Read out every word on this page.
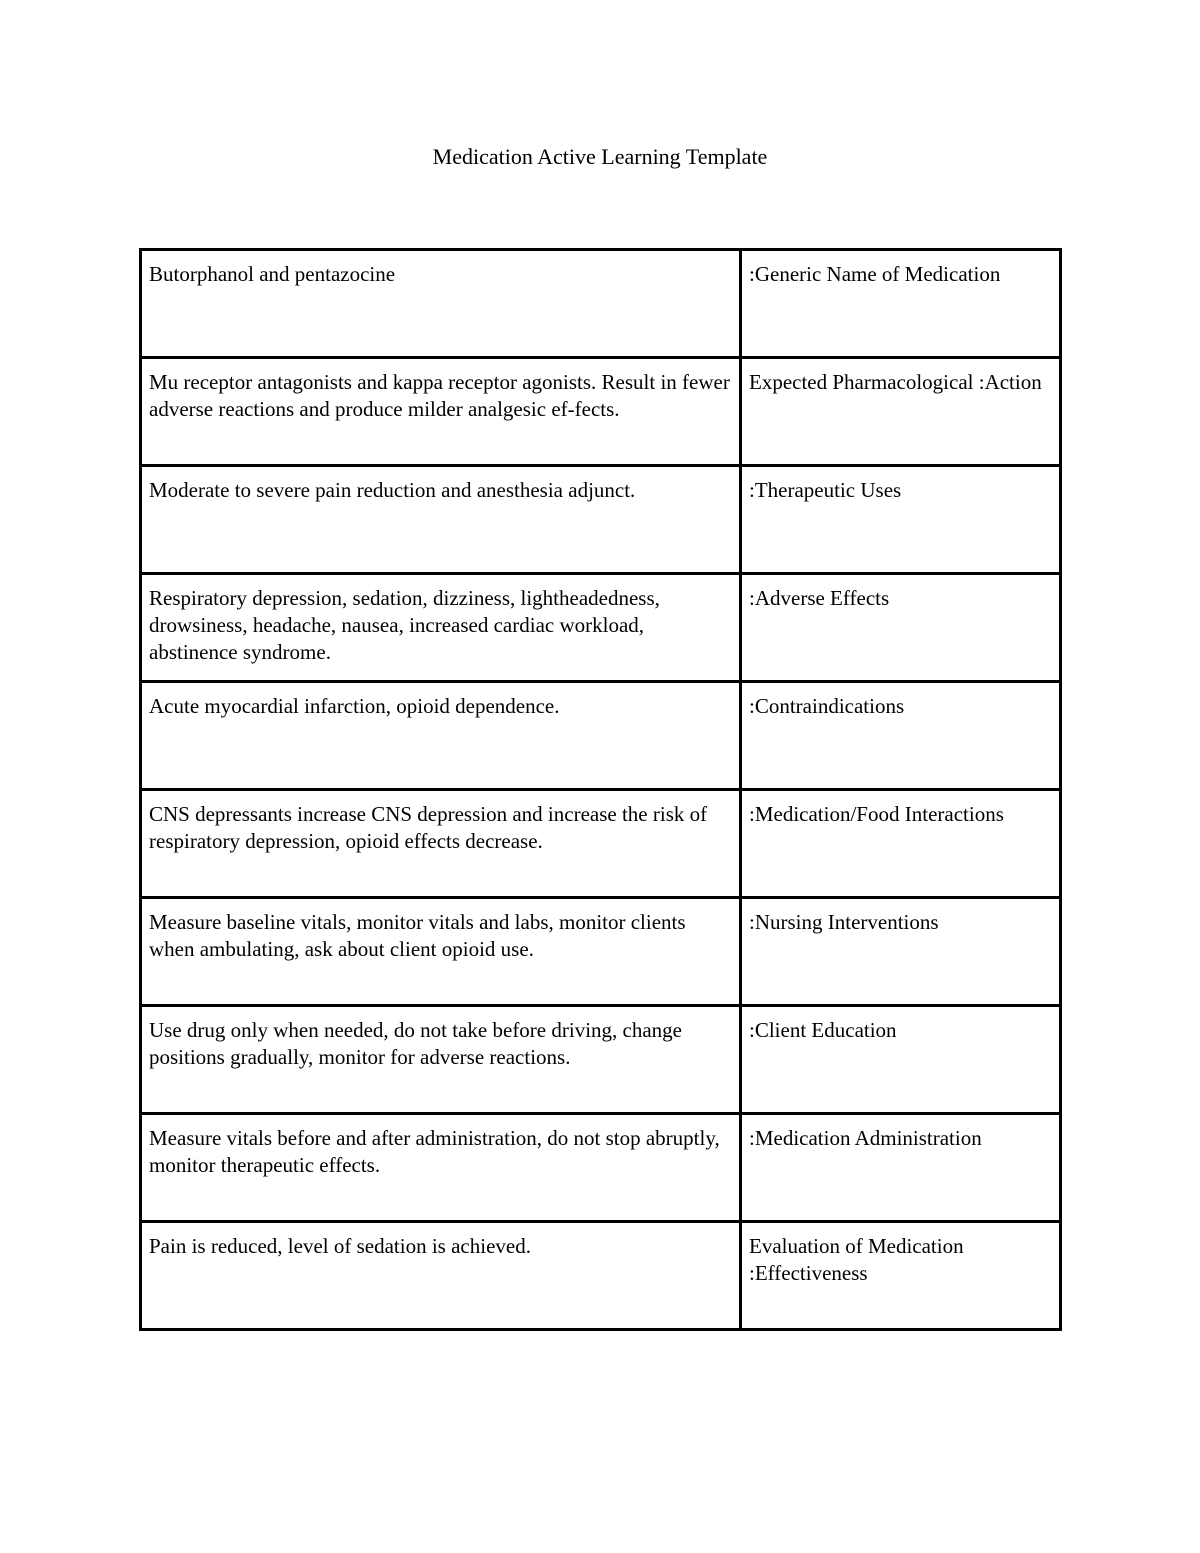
Medication Active Learning Template
Butorphanol and pentazocine	:Generic Name of Medication
Mu receptor antagonists and kappa receptor agonists. Result in fewer adverse reactions and produce milder analgesic ef-fects.	Expected Pharmacological :Action
Moderate to severe pain reduction and anesthesia adjunct.	:Therapeutic Uses
Respiratory depression, sedation, dizziness, lightheadedness, drowsiness, headache, nausea, increased cardiac workload, abstinence syndrome.	:Adverse Effects
Acute myocardial infarction, opioid dependence.	:Contraindications
CNS depressants increase CNS depression and increase the risk of respiratory depression, opioid effects decrease.	:Medication/Food Interactions
Measure baseline vitals, monitor vitals and labs, monitor clients when ambulating, ask about client opioid use.	:Nursing Interventions
Use drug only when needed, do not take before driving, change positions gradually, monitor for adverse reactions.	:Client Education
Measure vitals before and after administration, do not stop abruptly, monitor therapeutic effects.	:Medication Administration
Pain is reduced, level of sedation is achieved.	Evaluation of Medication :Effectiveness
